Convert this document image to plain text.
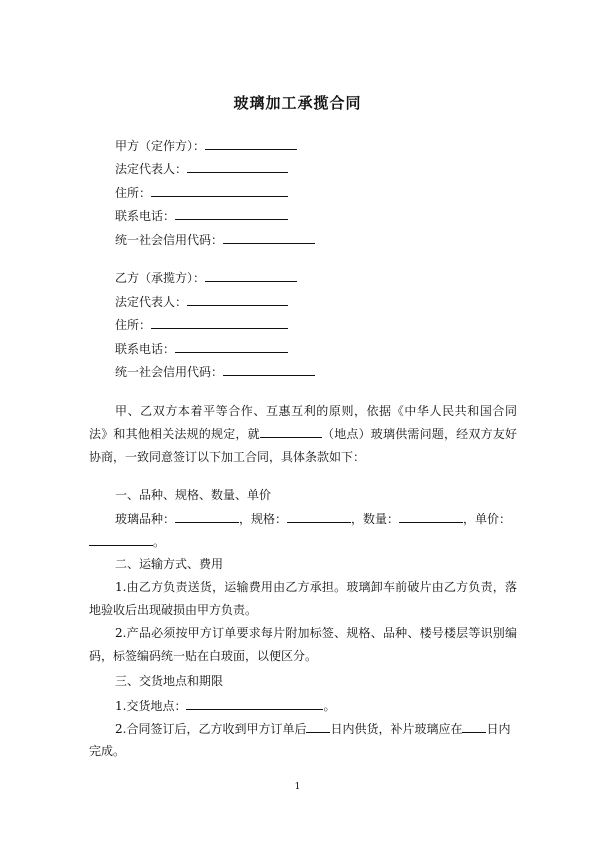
玻璃加工承揽合同
甲方（定作方）：
法定代表人：
住所：
联系电话：
统一社会信用代码：
乙方（承揽方）：
法定代表人：
住所：
联系电话：
统一社会信用代码：

甲、乙双方本着平等合作、互惠互利的原则，依据《中华人民共和国合同法》和其他相关法规的规定，就	（地点）玻璃供需问题，经双方友好协商，一致同意签订以下加工合同，具体条款如下：

一、品种、规格、数量、单价
玻璃品种：	，规格：	，数量：	，单价：
。
二、运输方式、费用

1.由乙方负责送货，运输费用由乙方承担。玻璃卸车前破片由乙方负责，落地验收后出现破损由甲方负责。

2.产品必须按甲方订单要求每片附加标签、规格、品种、楼号楼层等识别编码，标签编码统一贴在白玻面，以便区分。

三、交货地点和期限
1.交货地点：	。
2.合同签订后，乙方收到甲方订单后 日内供货，补片玻璃应在 日内
完成。
1
